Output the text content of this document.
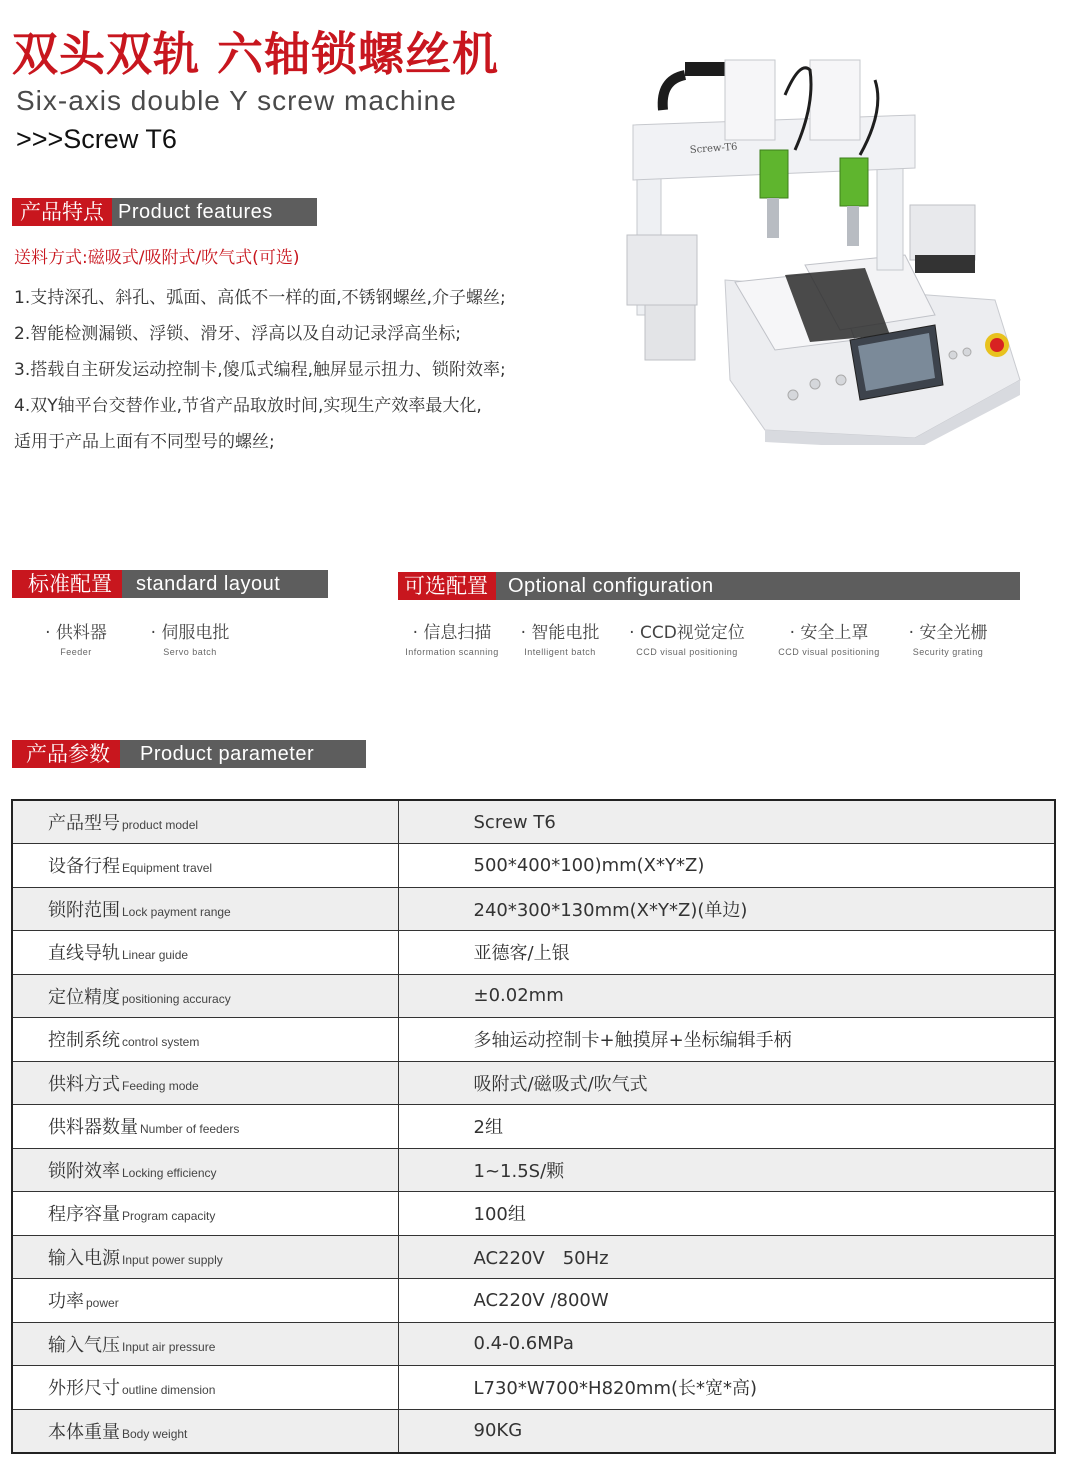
双头双轨 六轴锁螺丝机
Six-axis double Y screw machine
>>>Screw T6
产品特点 Product features
送料方式:磁吸式/吸附式/吹气式(可选)
1.支持深孔、斜孔、弧面、高低不一样的面,不锈钢螺丝,介子螺丝;
2.智能检测漏锁、浮锁、滑牙、浮高以及自动记录浮高坐标;
3.搭载自主研发运动控制卡,傻瓜式编程,触屏显示扭力、锁附效率;
4.双Y轴平台交替作业,节省产品取放时间,实现生产效率最大化,
适用于产品上面有不同型号的螺丝;
Screw-T6
标准配置	standard layout
· 供料器
Feeder
· 伺服电批
Servo batch
可选配置	Optional configuration
· 信息扫描
Information scanning
· 智能电批
Intelligent batch
· CCD视觉定位
CCD visual positioning
· 安全上罩
CCD visual positioning
· 安全光栅
Security grating
产品参数	Product parameter
产品型号 product model	Screw T6
设备行程 Equipment travel	500*400*100)mm(X*Y*Z)
锁附范围 Lock payment range	240*300*130mm(X*Y*Z)(单边)
直线导轨 Linear guide	亚德客/上银
定位精度 positioning accuracy	±0.02mm
控制系统 control system	多轴运动控制卡+触摸屏+坐标编辑手柄
供料方式 Feeding mode	吸附式/磁吸式/吹气式
供料器数量 Number of feeders	2组
锁附效率 Locking efficiency	1~1.5S/颗
程序容量 Program capacity	100组
输入电源 Input power supply	AC220V　50Hz
功率 power	AC220V /800W
输入气压 Input air pressure	0.4-0.6MPa
外形尺寸 outline dimension	L730*W700*H820mm(长*宽*高)
本体重量 Body weight	90KG
